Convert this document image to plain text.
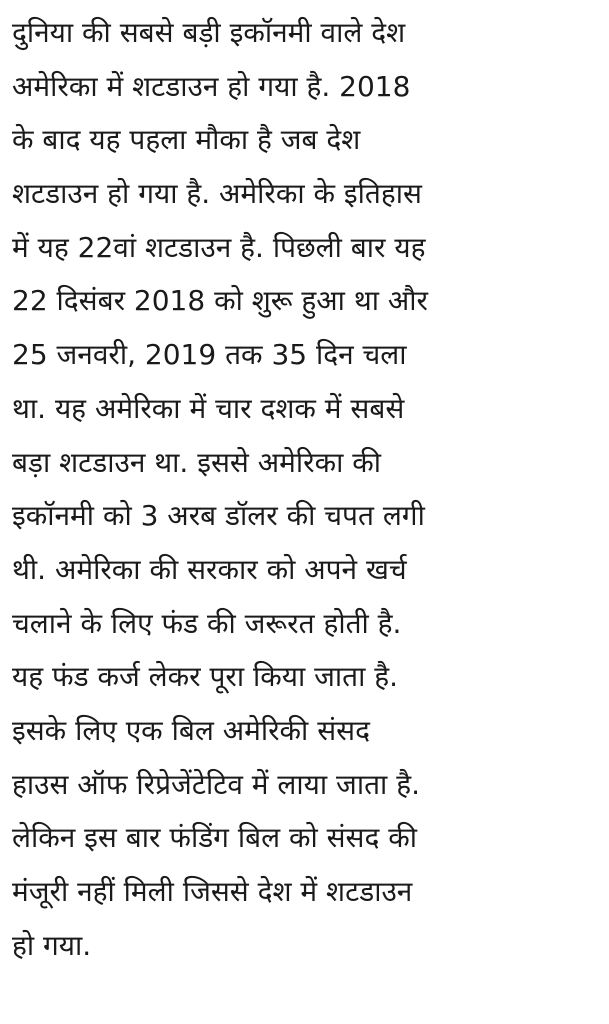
दुनिया की सबसे बड़ी इकॉनमी वाले देश
अमेरिका में शटडाउन हो गया है. 2018
के बाद यह पहला मौका है जब देश
शटडाउन हो गया है. अमेरिका के इतिहास
में यह 22वां शटडाउन है. पिछली बार यह
22 दिसंबर 2018 को शुरू हुआ था और
25 जनवरी, 2019 तक 35 दिन चला
था. यह अमेरिका में चार दशक में सबसे
बड़ा शटडाउन था. इससे अमेरिका की
इकॉनमी को 3 अरब डॉलर की चपत लगी
थी. अमेरिका की सरकार को अपने खर्च
चलाने के लिए फंड की जरूरत होती है.
यह फंड कर्ज लेकर पूरा किया जाता है.
इसके लिए एक बिल अमेरिकी संसद
हाउस ऑफ रिप्रेजेंटेटिव में लाया जाता है.
लेकिन इस बार फंडिंग बिल को संसद की
मंजूरी नहीं मिली जिससे देश में शटडाउन
हो गया.
